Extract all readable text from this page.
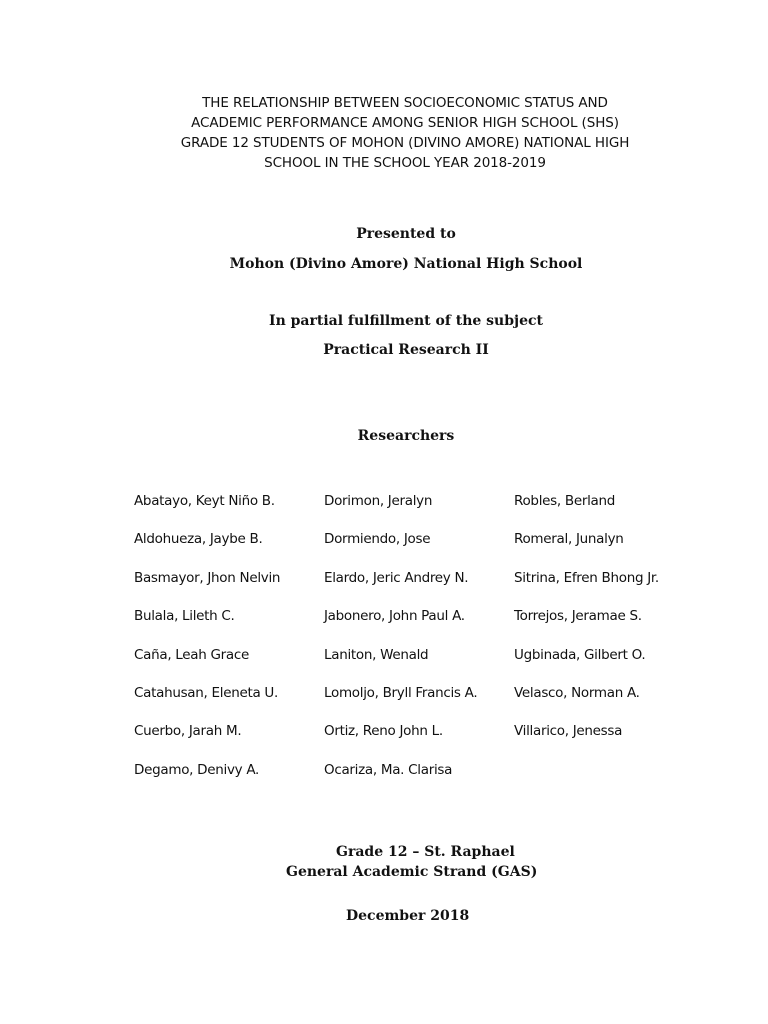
THE RELATIONSHIP BETWEEN SOCIOECONOMIC STATUS AND
ACADEMIC PERFORMANCE AMONG SENIOR HIGH SCHOOL (SHS)
GRADE 12 STUDENTS OF MOHON (DIVINO AMORE) NATIONAL HIGH
SCHOOL IN THE SCHOOL YEAR 2018-2019
Presented to
Mohon (Divino Amore) National High School
In partial fulfillment of the subject
Practical Research II
Researchers
Abatayo, Keyt Niño B.
Aldohueza, Jaybe B.
Basmayor, Jhon Nelvin
Bulala, Lileth C.
Caña, Leah Grace
Catahusan, Eleneta U.
Cuerbo, Jarah M.
Degamo, Denivy A.
Dorimon, Jeralyn
Dormiendo, Jose
Elardo, Jeric Andrey N.
Jabonero, John Paul A.
Laniton, Wenald
Lomoljo, Bryll Francis A.
Ortiz, Reno John L.
Ocariza, Ma. Clarisa
Robles, Berland
Romeral, Junalyn
Sitrina, Efren Bhong Jr.
Torrejos, Jeramae S.
Ugbinada, Gilbert O.
Velasco, Norman A.
Villarico, Jenessa
Grade 12 – St. Raphael
General Academic Strand (GAS)
December 2018
